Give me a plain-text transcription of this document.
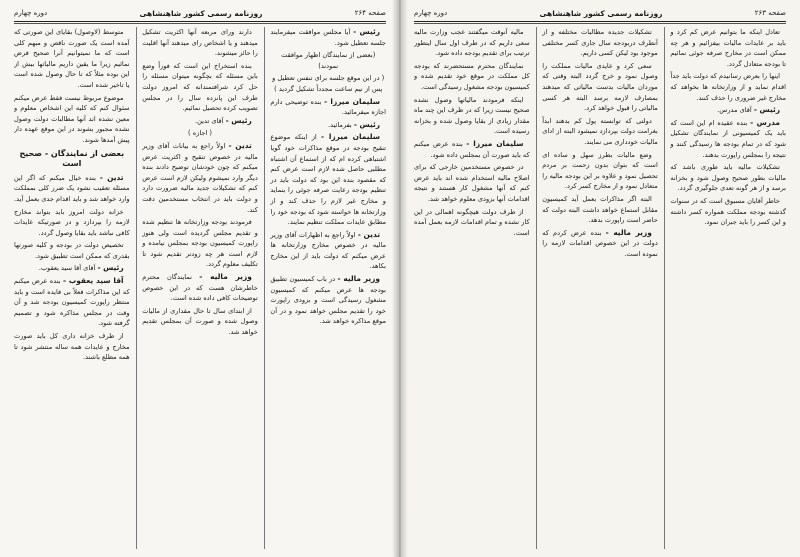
صفحه ۲۶۴
روزنامه رسمی کشور شاهنشاهی
دوره چهارم

رئیس - آیا مجلس موافقت میفرمایند جلسه تعطیل شود.

(بعضی از نمایندگان اظهار موافقت نمودند)

( در این موقع جلسه برای تنفس تعطیل و پس از نیم ساعت مجدداً تشکیل گردید )

سلیمان میرزا - بنده توضیحی دارم اجازه میفرمائید.

رئیس - بفرمائید.

سلیمان میرزا - از اینکه موضوع تنقیح بودجه در موقع مذاکرات خود گویا اشتباهی کرده ام که از استماع آن اشتباه مطلبی حاصل شده لازم است عرض کنم که مقصود بنده این بود که دولت باید در تنظیم بودجه رعایت صرفه جوئی را بنماید و مخارج غیر لازم را حذف کند و از وزارتخانه ها خواسته شود که بودجه خود را مطابق عایدات مملکت تنظیم نمایند.

تدین - اولاً راجع به اظهارات آقای وزیر مالیه در خصوص مخارج وزارتخانه ها عرض میکنم که دولت باید از این مخارج بکاهد.

وزیر مالیه - در باب کمیسیون تطبیق بودجه ها عرض میکنم که کمیسیون مشغول رسیدگی است و بزودی راپورت خود را تقدیم مجلس خواهد نمود و در آن موقع مذاکره خواهد شد.

دارند ورای مربعه آنها اکثریت تشکیل میدهند و یا اشخاص رای میدهند آنها اقلیت را حائز میشوند.

بنده استخراج این است که فوراً وضع باین مسئله که بچگونه میتوان مسئله را حل کرد شرافتمندانه که امروز دولت طرف این پانزده سال را در مجلس تصویب کرده تحصیل نمائیم.

رئیس - آقای تدین.

( اجازه )

تدین - اولاً راجع به بیانات آقای وزیر مالیه در خصوص تنقیح و اکثریت عرض میکنم که چون خودشان توضیح دادند بنده دیگر وارد نمیشوم ولیکن لازم است عرض کنم که تشکیلات جدید مالیه ضرورت دارد و دولت باید در انتخاب مستخدمین دقت کند.

فرمودند بودجه وزارتخانه ها تنظیم شده و تقدیم مجلس گردیده است ولی هنوز راپورت کمیسیون بودجه بمجلس نیامده و لازم است هر چه زودتر تقدیم شود تا تکلیف معلوم گردد.

وزیر مالیه - نمایندگان محترم خاطرشان هست که در این خصوص توضیحات کافی داده شده است.

از ابتدای سال تا حال مقداری از مالیات وصول شده و صورت آن بمجلس تقدیم خواهد شد.

متوسط (لاوصول) بقایای این صورتی که آمده است یک صورت ناقص و مبهم کلی است که ما نمیتوانیم آنرا صحیح فرض نمائیم زیرا ما یقین داریم مالیاتها بیش از این بوده مثلاً که تا حال وصول شده است یا تاخیر شده است.

موضوع مربوط نیست فقط عرض میکنم سئوال کنم که کلیه این اشخاص معلوم و معین نشده اند آنها مطالبات دولت وصول نشده مجبور بشوند در این موقع عهده دار پیش آمدها شوند.

بعضی از نمایندگان - صحیح است

تدین - بنده خیال میکنم که اگر این مسئله تعقیب نشود یک ضرر کلی بمملکت وارد خواهد شد و باید اقدام جدی بعمل آید.

خزانه دولت امروز باید بتواند مخارج لازمه را بپردازد و در صورتیکه عایدات کافی نباشد باید بقایا وصول گردد.

تخصیص دولت در بودجه و کلیه صورتها بقدری که ممکن است تطبیق شود.

رئیس - آقای آقا سید یعقوب.

آقا سید یعقوب - بنده عرض میکنم که این مذاکرات فعلاً بی فایده است و باید منتظر راپورت کمیسیون بودجه شد و آن وقت در مجلس مذاکره شود و تصمیم گرفته شود.

از طرف خزانه داری کل باید صورت مخارج و عایدات همه ساله منتشر شود تا همه مطلع باشند.

صفحه ۲۶۳
روزنامه رسمی کشور شاهنشاهی
دوره چهارم

تعادل اینکه ما بتوانیم عرض کم کرد و باید بر عایدات مالیات بیفزائیم و هر چه ممکن است در مخارج صرفه جوئی نمائیم تا بودجه متعادل گردد.

اینها را بعرض رسانیدم که دولت باید جداً اقدام نماید و از وزارتخانه ها بخواهد که مخارج غیر ضروری را حذف کنند.

رئیس - آقای مدرس.

مدرس - بنده عقیده ام این است که باید یک کمیسیونی از نمایندگان تشکیل شود که در تمام بودجه ها رسیدگی کنند و نتیجه را بمجلس راپورت بدهند.

تشکیلات مالیه باید طوری باشد که مالیات بطور صحیح وصول شود و بخزانه برسد و از هر گونه تعدی جلوگیری گردد.

خاطر آقایان مسبوق است که در سنوات گذشته بودجه مملکت همواره کسر داشته و این کسر را باید جبران نمود.

تشکیلات جدیده مطالبات مختلفه و از آنطرف دربودجه سال جاری کسر مختلفی موجود بود لیکن کسی داریم.

سعی کرد و عایدی مالیات مملکت را وصول نمود و خرج گردد البته وقتی که موردان مالیات بدست مالیاتی که میدهند بمصارف لازمه برسد البته هر کسی مالیاتی را قبول خواهد کرد.

دولتی که توانسته پول کم بدهند ابداً بغرامت دولت بپردازد نمیشود البته از ادای مالیات خودداری می نمایند.

وضع مالیات بطرز سهل و ساده ای است که بتوان بدون زحمت بر مردم تحصیل نمود و علاوه بر این بودجه مالیه را متعادل نمود و از مخارج کسر کرد.

البته اگر مذاکرات بعمل آید کمیسیون مقابل استماع خواهد داشت البته دولت که حاضر است راپورت بدهد.

وزیر مالیه - بنده عرض کردم که دولت در این خصوص اقدامات لازمه را نموده است.

مالیه آنوقت میگفتند عجب وزارت مالیه سعی داریم که در طرف اول سال اینطور ترتیب برای تقدیم بودجه داده شود.

نمایندگان محترم مستحضرند که بودجه کل مملکت در موقع خود تقدیم شده و کمیسیون بودجه مشغول رسیدگی است.

اینکه فرمودند مالیاتها وصول نشده صحیح نیست زیرا که در ظرف این چند ماه مقدار زیادی از بقایا وصول شده و بخزانه رسیده است.

سلیمان میرزا - بنده عرض میکنم که باید صورت آن بمجلس داده شود.

در خصوص مستخدمین خارجی که برای اصلاح مالیه استخدام شده اند باید عرض کنم که آنها مشغول کار هستند و نتیجه اقدامات آنها بزودی معلوم خواهد شد.

از طرف دولت هیچگونه اهمالی در این کار نشده و تمام اقدامات لازمه بعمل آمده است.
